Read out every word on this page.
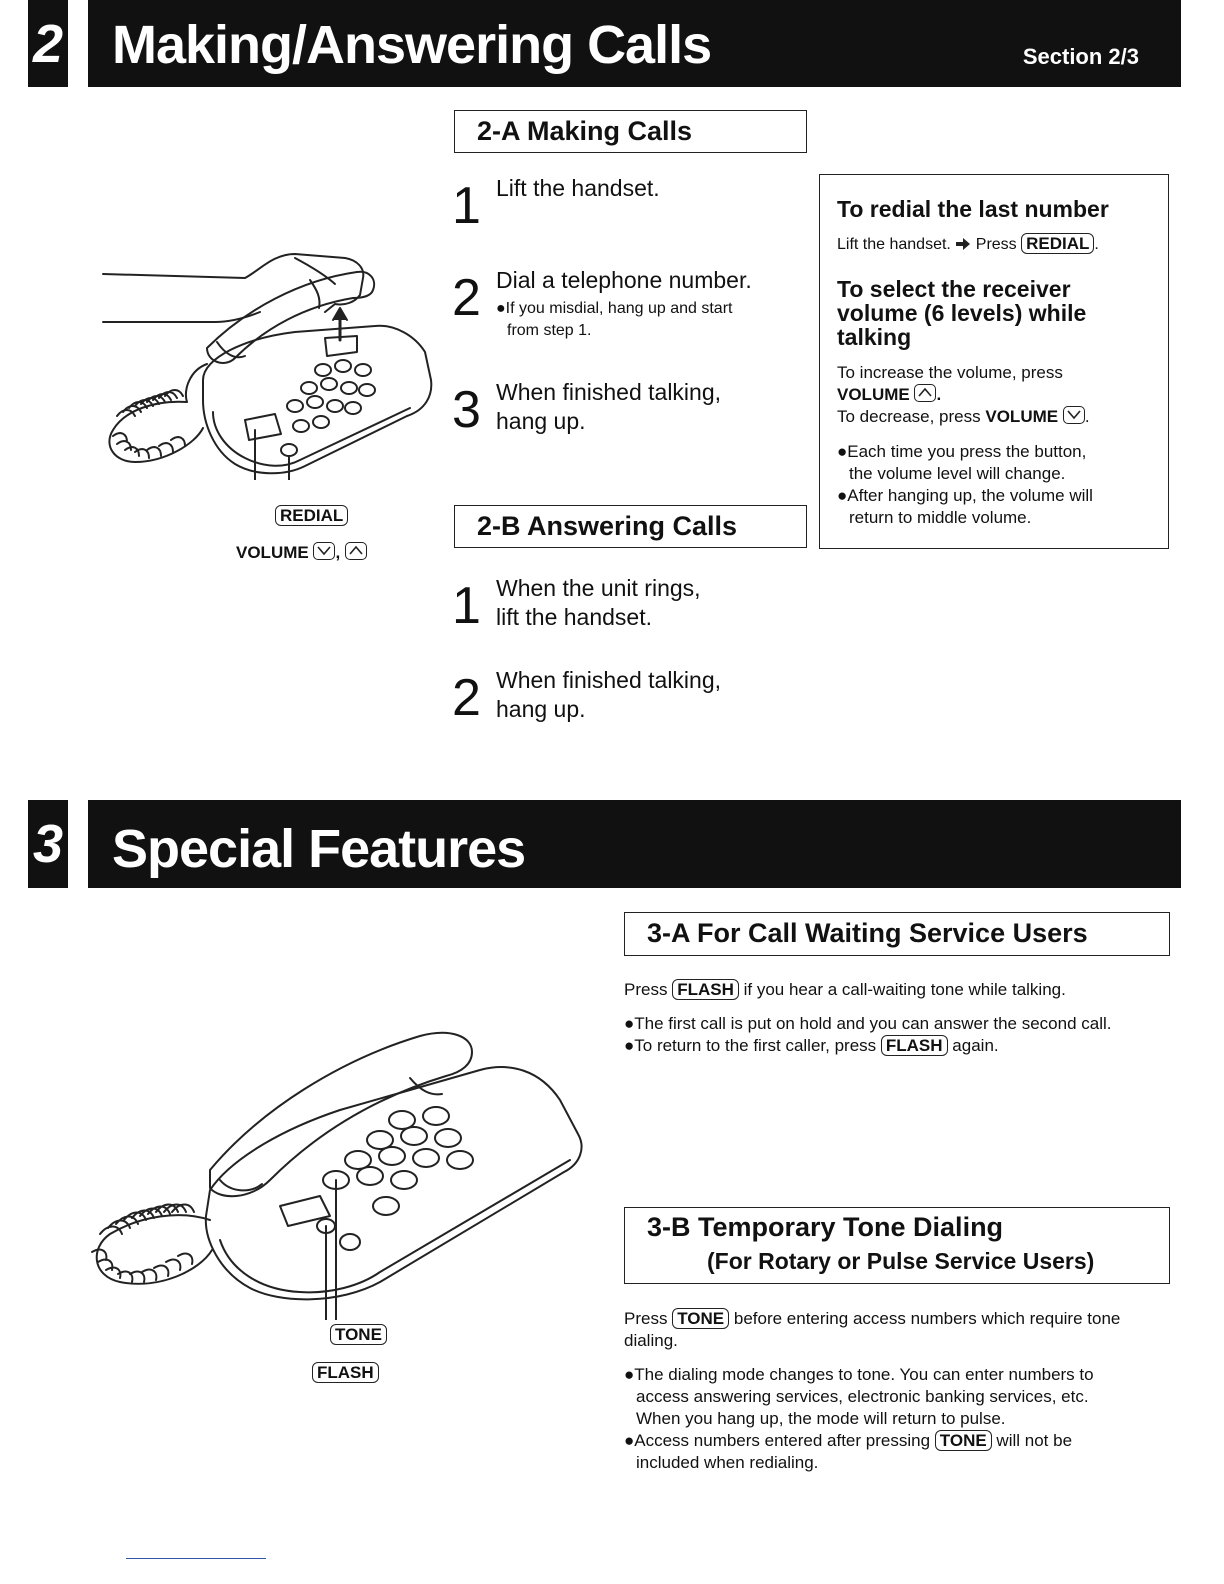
2 Making/Answering Calls	Section 2/3
REDIAL
VOLUME ,
2-A Making Calls
1 Lift the handset.
2 Dial a telephone number.
●If you misdial, hang up and start
from step 1.
3 When finished talking,
hang up.
2-B Answering Calls
1 When the unit rings,
lift the handset.
2 When finished talking,
hang up.
To redial the last number
Lift the handset. Press REDIAL .
To select the receiver
volume (6 levels) while
talking
To increase the volume, press
VOLUME .
To decrease, press VOLUME .
●Each time you press the button,
the volume level will change.
●After hanging up, the volume will
return to middle volume.
3 Special Features
TONE
FLASH
3-A For Call Waiting Service Users
Press FLASH if you hear a call-waiting tone while talking.
●The first call is put on hold and you can answer the second call.
●To return to the first caller, press FLASH again.
3-B Temporary Tone Dialing
(For Rotary or Pulse Service Users)
Press TONE before entering access numbers which require tone
dialing.
●The dialing mode changes to tone. You can enter numbers to
access answering services, electronic banking services, etc.
When you hang up, the mode will return to pulse.
●Access numbers entered after pressing TONE will not be
included when redialing.
